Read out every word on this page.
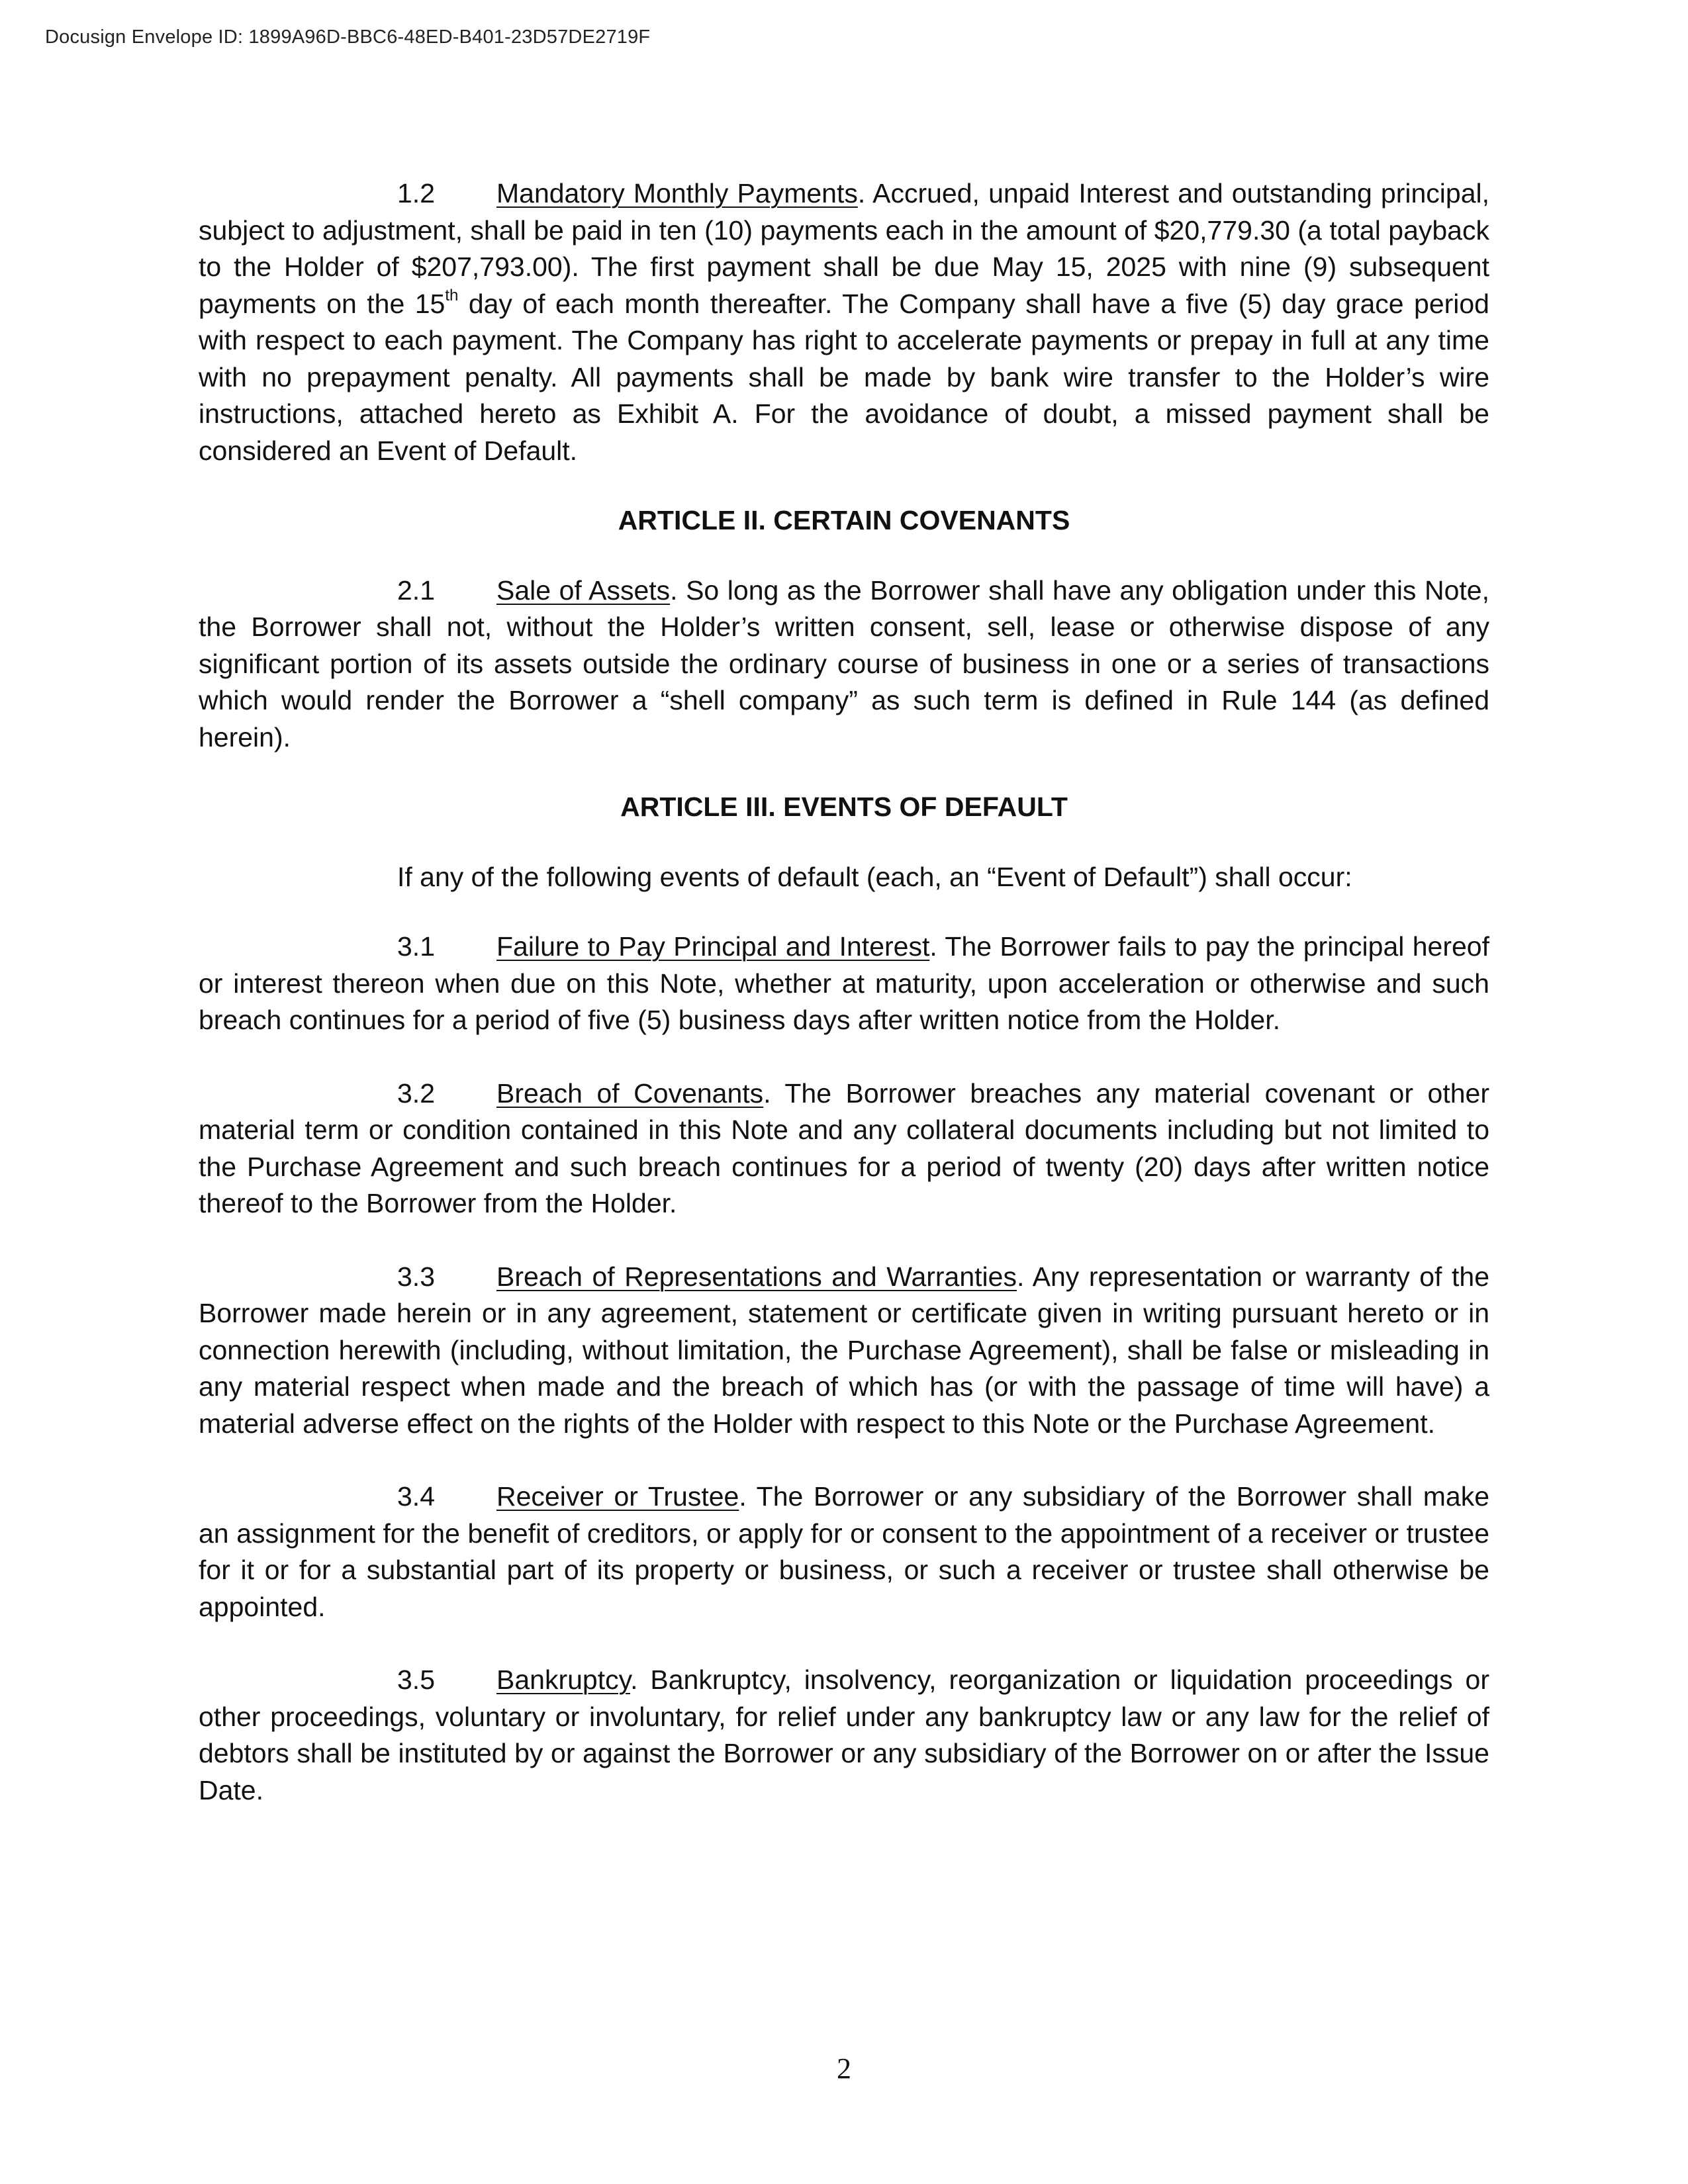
Docusign Envelope ID: 1899A96D-BBC6-48ED-B401-23D57DE2719F

1.2 Mandatory Monthly Payments. Accrued, unpaid Interest and outstanding principal, subject to adjustment, shall be paid in ten (10) payments each in the amount of $20,779.30 (a total payback to the Holder of $207,793.00). The first payment shall be due May 15, 2025 with nine (9) subsequent payments on the 15th day of each month thereafter. The Company shall have a five (5) day grace period with respect to each payment. The Company has right to accelerate payments or prepay in full at any time with no prepayment penalty. All payments shall be made by bank wire transfer to the Holder’s wire instructions, attached hereto as Exhibit A. For the avoidance of doubt, a missed payment shall be considered an Event of Default.

ARTICLE II. CERTAIN COVENANTS

2.1 Sale of Assets. So long as the Borrower shall have any obligation under this Note, the Borrower shall not, without the Holder’s written consent, sell, lease or otherwise dispose of any significant portion of its assets outside the ordinary course of business in one or a series of transactions which would render the Borrower a “shell company” as such term is defined in Rule 144 (as defined herein).

ARTICLE III. EVENTS OF DEFAULT

If any of the following events of default (each, an “Event of Default”) shall occur:

3.1 Failure to Pay Principal and Interest. The Borrower fails to pay the principal hereof or interest thereon when due on this Note, whether at maturity, upon acceleration or otherwise and such breach continues for a period of five (5) business days after written notice from the Holder.

3.2 Breach of Covenants. The Borrower breaches any material covenant or other material term or condition contained in this Note and any collateral documents including but not limited to the Purchase Agreement and such breach continues for a period of twenty (20) days after written notice thereof to the Borrower from the Holder.

3.3 Breach of Representations and Warranties. Any representation or warranty of the Borrower made herein or in any agreement, statement or certificate given in writing pursuant hereto or in connection herewith (including, without limitation, the Purchase Agreement), shall be false or misleading in any material respect when made and the breach of which has (or with the passage of time will have) a material adverse effect on the rights of the Holder with respect to this Note or the Purchase Agreement.

3.4 Receiver or Trustee. The Borrower or any subsidiary of the Borrower shall make an assignment for the benefit of creditors, or apply for or consent to the appointment of a receiver or trustee for it or for a substantial part of its property or business, or such a receiver or trustee shall otherwise be appointed.

3.5 Bankruptcy. Bankruptcy, insolvency, reorganization or liquidation proceedings or other proceedings, voluntary or involuntary, for relief under any bankruptcy law or any law for the relief of debtors shall be instituted by or against the Borrower or any subsidiary of the Borrower on or after the Issue Date.

2
